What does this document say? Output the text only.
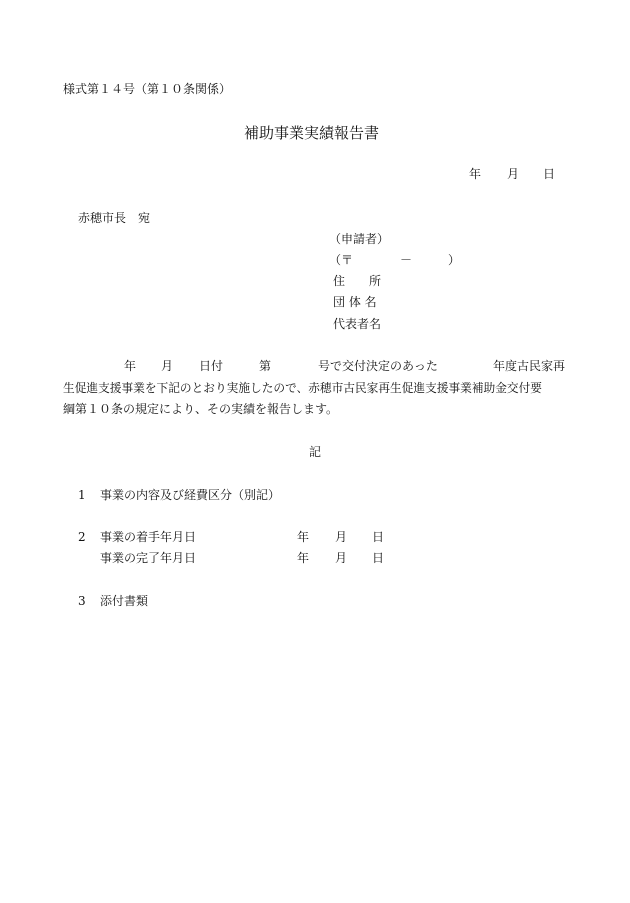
様式第１４号（第１０条関係）
補助事業実績報告書
年 月 日
赤穂市長　宛
（申請者）
（〒	－	）
住　　所
団 体 名
代表者名
年 月 日付	第	号で交付決定のあった	年度古民家再
生促進支援事業を下記のとおり実施したので、赤穂市古民家再生促進支援事業補助金交付要
綱第１０条の規定により、その実績を報告します。
記
1 事業の内容及び経費区分（別記）
2 事業の着手年月日	年 月 日
事業の完了年月日	年 月 日
3 添付書類
